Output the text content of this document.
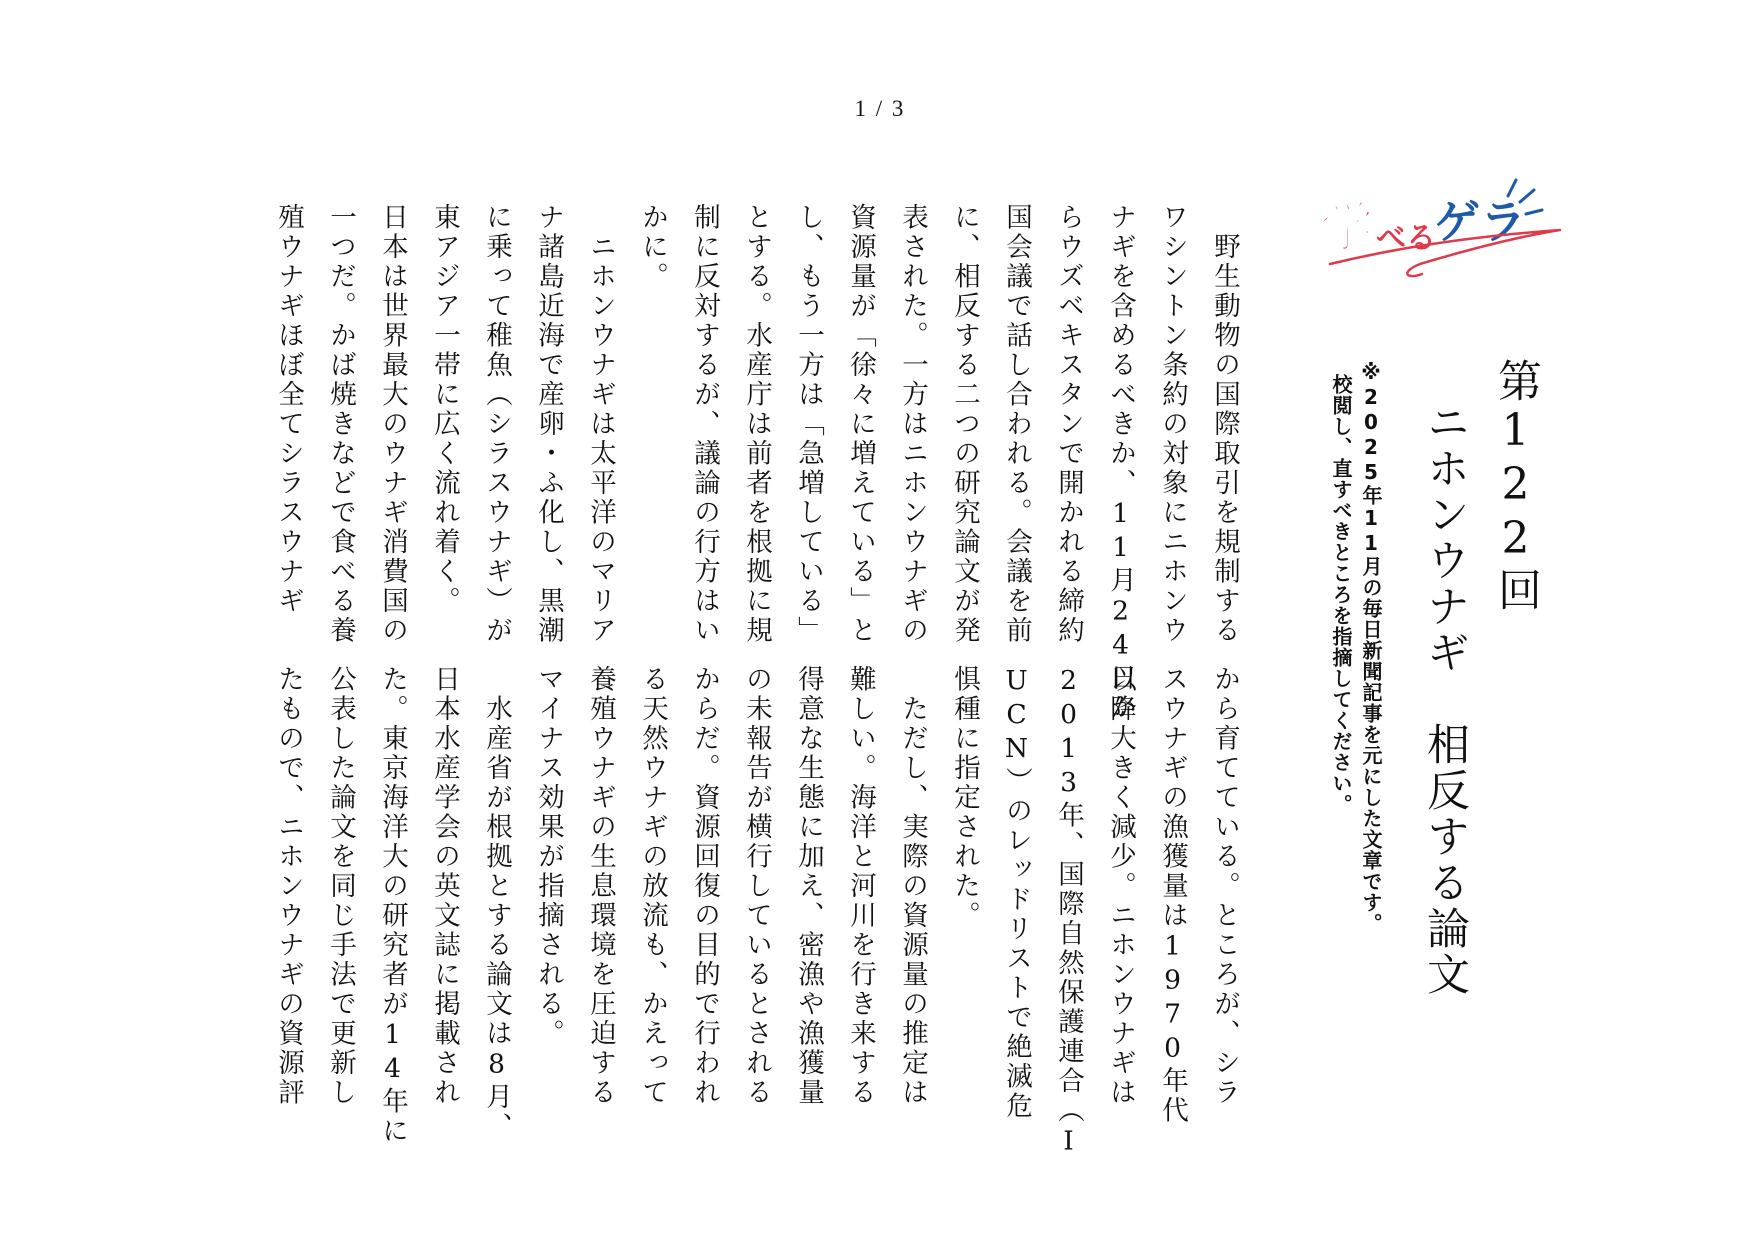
1 / 3
学 べる
ゲラ
第122回
ニホンウナギ　相反する論文
※2025年11月の毎日新聞記事を元にした文章です。
校閲し、直すべきところを指摘してください。
　野生動物の国際取引を規制する
ワシントン条約の対象にニホンウ
ナギを含めるべきか、11月24日か
らウズベキスタンで開かれる締約
国会議で話し合われる。会議を前
に、相反する二つの研究論文が発
表された。一方はニホンウナギの
資源量が「徐々に増えている」と
し、もう一方は「急増している」
とする。水産庁は前者を根拠に規
制に反対するが、議論の行方はい
かに。
　ニホンウナギは太平洋のマリア
ナ諸島近海で産卵・ふ化し、黒潮
に乗って稚魚（シラスウナギ）が
東アジア一帯に広く流れ着く。
日本は世界最大のウナギ消費国の
一つだ。かば焼きなどで食べる養
殖ウナギほぼ全てシラスウナギ
から育てている。ところが、シラ
スウナギの漁獲量は1970年代
以降大きく減少。ニホンウナギは
2013年、国際自然保護連合（I
UCN）のレッドリストで絶滅危
惧種に指定された。
　ただし、実際の資源量の推定は
難しい。海洋と河川を行き来する
得意な生態に加え、密漁や漁獲量
の未報告が横行しているとされる
からだ。資源回復の目的で行われ
る天然ウナギの放流も、かえって
養殖ウナギの生息環境を圧迫する
マイナス効果が指摘される。
　水産省が根拠とする論文は8月、
日本水産学会の英文誌に掲載され
た。東京海洋大の研究者が14年に
公表した論文を同じ手法で更新し
たもので、ニホンウナギの資源評
